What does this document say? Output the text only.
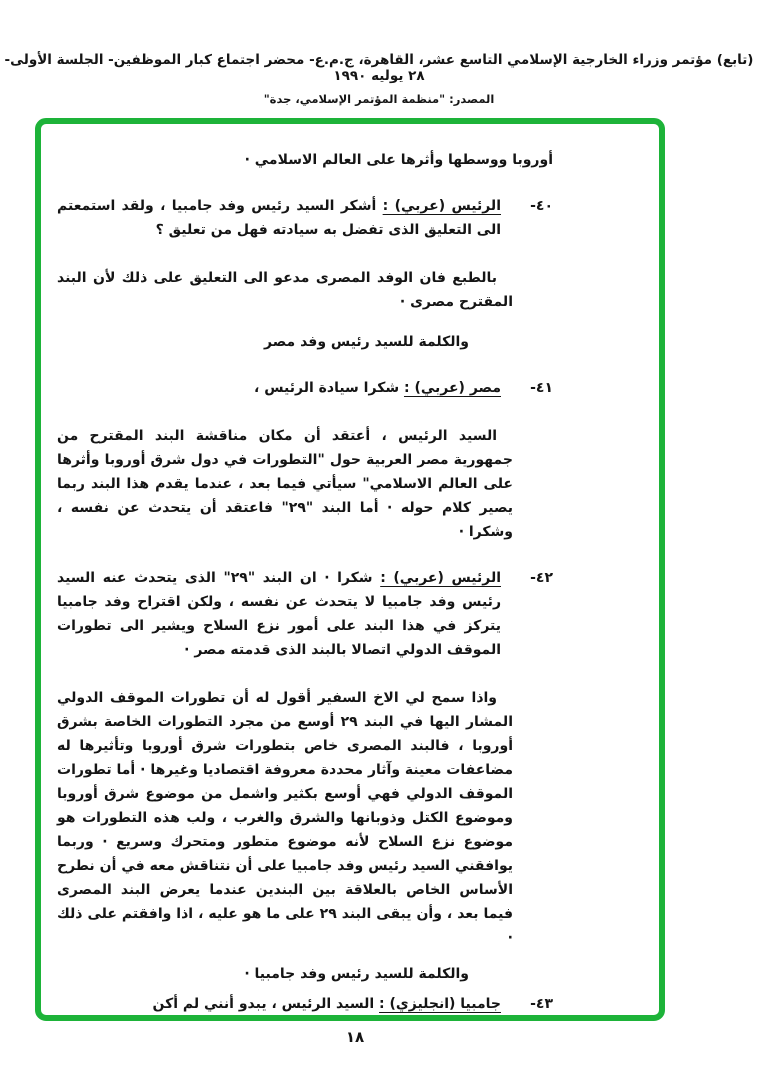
(تابع) مؤتمر وزراء الخارجية الإسلامي التاسع عشر، القاهرة، ج.م.ع- محضر اجتماع كبار الموظفين- الجلسة الأولى- ٢٨ يوليه ١٩٩٠
المصدر: "منظمة المؤتمر الإسلامي، جدة"

أوروبا ووسطها وأثرها على العالم الاسلامي ·

٤٠-
الرئيس (عربي) : أشكر السيد رئيس وفد جامبيا ، ولقد استمعتم الى التعليق الذى تفضل به سيادته فهل من تعليق ؟

بالطبع فان الوفد المصرى مدعو الى التعليق على ذلك لأن البند المقترح مصرى ·

والكلمة للسيد رئيس وفد مصر

٤١-
مصر (عربي) : شكرا سيادة الرئيس ،

السيد الرئيس ، أعتقد أن مكان مناقشة البند المقترح من جمهورية مصر العربية حول "التطورات في دول شرق أوروبا وأثرها على العالم الاسلامي" سيأتي فيما بعد ، عندما يقدم هذا البند ربما يصير كلام حوله · أما البند "٢٩" فاعتقد أن يتحدث عن نفسه ، وشكرا ·

٤٢-
الرئيس (عربي) : شكرا · ان البند "٢٩" الذى يتحدث عنه السيد رئيس وفد جامبيا لا يتحدث عن نفسه ، ولكن اقتراح وفد جامبيا يتركز في هذا البند على أمور نزع السلاح ويشير الى تطورات الموقف الدولي اتصالا بالبند الذى قدمته مصر ·

واذا سمح لي الاخ السفير أقول له أن تطورات الموقف الدولي المشار اليها في البند ٢٩ أوسع من مجرد التطورات الخاصة بشرق أوروبا ، فالبند المصرى خاص بتطورات شرق أوروبا وتأثيرها له مضاعفات معينة وآثار محددة معروفة اقتصاديا وغيرها · أما تطورات الموقف الدولي فهي أوسع بكثير واشمل من موضوع شرق أوروبا وموضوع الكتل وذوبانها والشرق والغرب ، ولب هذه التطورات هو موضوع نزع السلاح لأنه موضوع متطور ومتحرك وسريع · وربما يوافقني السيد رئيس وفد جامبيا على أن نتناقش معه في أن نطرح الأساس الخاص بالعلاقة بين البندين عندما يعرض البند المصرى فيما بعد ، وأن يبقى البند ٢٩ على ما هو عليه ، اذا وافقتم على ذلك ·

والكلمة للسيد رئيس وفد جامبيا ·

٤٣-
جامبيا (انجليزي) : السيد الرئيس ، يبدو أنني لم أكن
١٨
